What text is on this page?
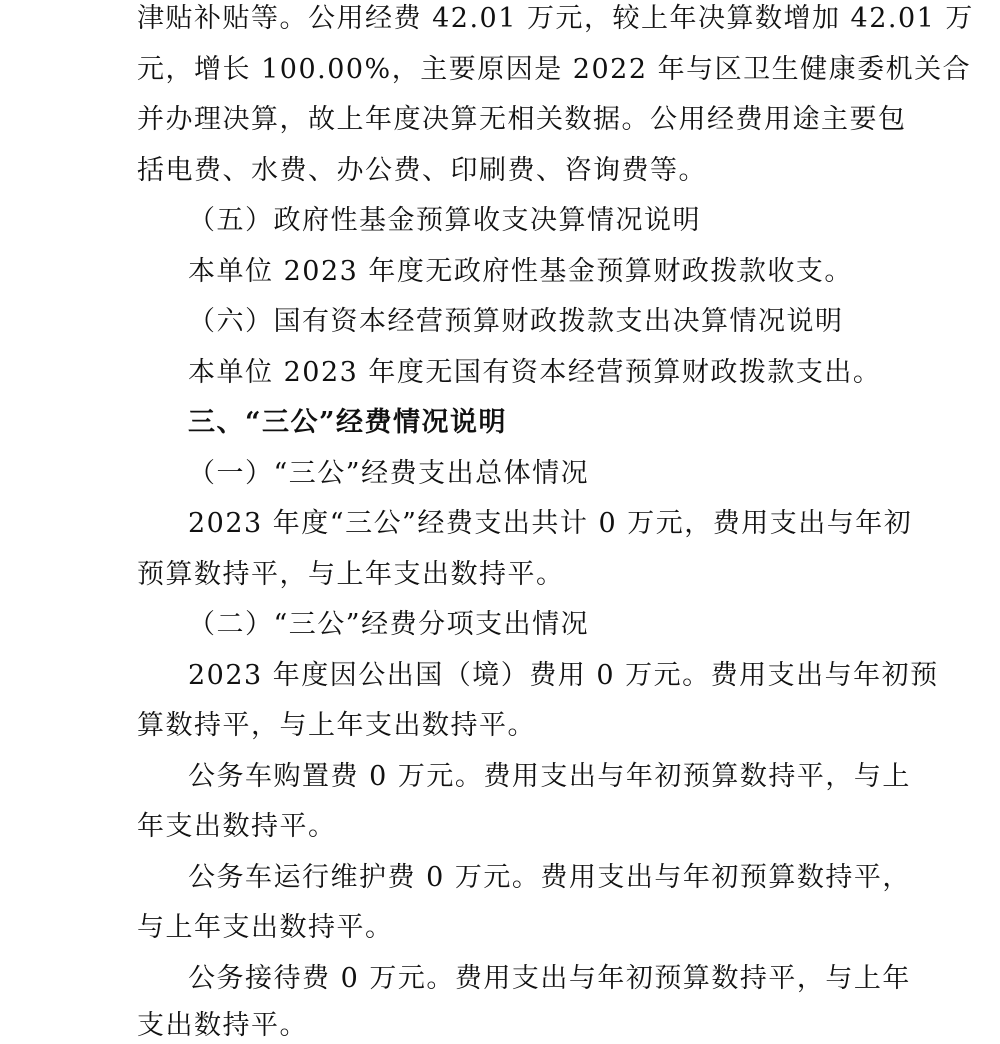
津贴补贴等。公用经费 42.01 万元，较上年决算数增加 42.01 万
元，增长 100.00%，主要原因是 2022 年与区卫生健康委机关合
并办理决算，故上年度决算无相关数据。公用经费用途主要包
括电费、水费、办公费、印刷费、咨询费等。
（五）政府性基金预算收支决算情况说明
本单位 2023 年度无政府性基金预算财政拨款收支。
（六）国有资本经营预算财政拨款支出决算情况说明
本单位 2023 年度无国有资本经营预算财政拨款支出。
三、“三公”经费情况说明
（一）“三公”经费支出总体情况
2023 年度“三公”经费支出共计 0 万元，费用支出与年初
预算数持平，与上年支出数持平。
（二）“三公”经费分项支出情况
2023 年度因公出国（境）费用 0 万元。费用支出与年初预
算数持平，与上年支出数持平。
公务车购置费 0 万元。费用支出与年初预算数持平，与上
年支出数持平。
公务车运行维护费 0 万元。费用支出与年初预算数持平，
与上年支出数持平。
公务接待费 0 万元。费用支出与年初预算数持平，与上年
支出数持平。
